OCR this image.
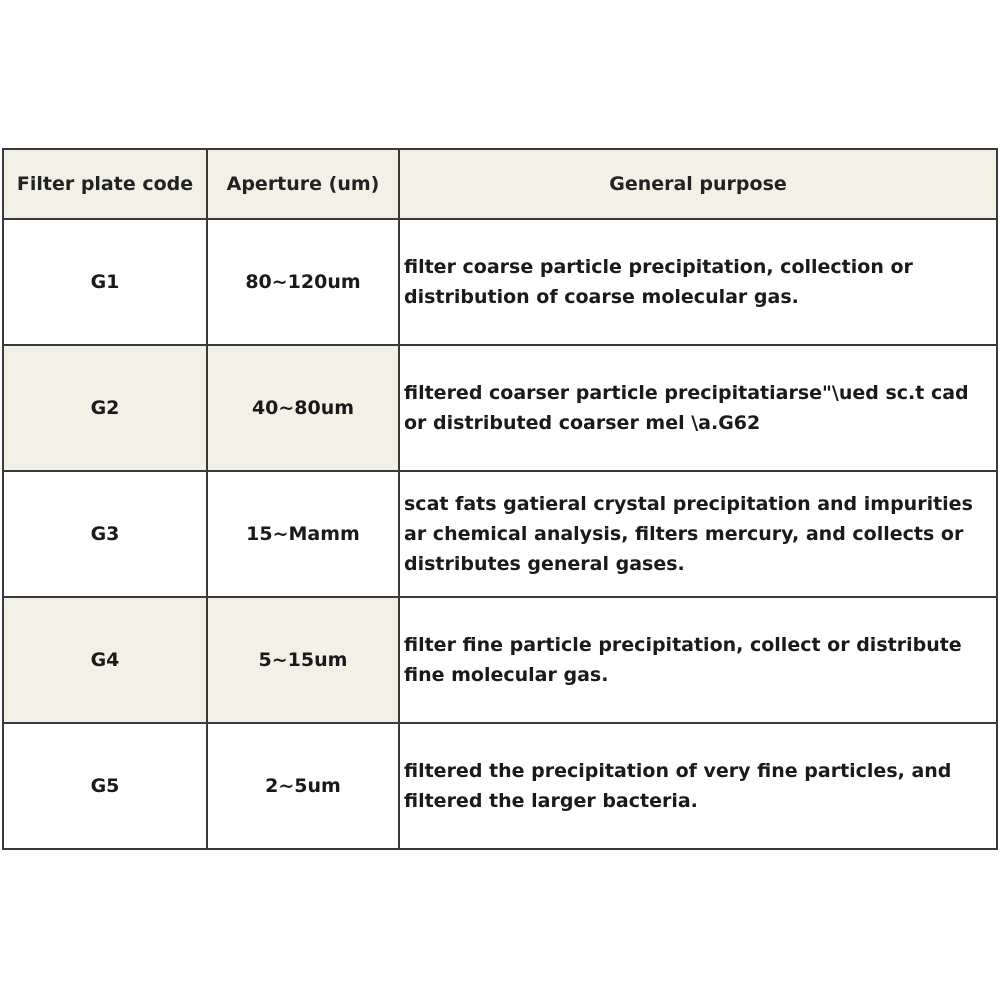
Filter plate code	Aperture (um)	General purpose
G1	80~120um	filter coarse particle precipitation, collection or distribution of coarse molecular gas.
G2	40~80um	filtered coarser particle precipitatiarse"\ued sc.t cad or distributed coarser mel \a.G62
G3	15~Mamm	scat fats gatieral crystal precipitation and impurities ar chemical analysis, filters mercury, and collects or distributes general gases.
G4	5~15um	filter fine particle precipitation, collect or distribute fine molecular gas.
G5	2~5um	filtered the precipitation of very fine particles, and filtered the larger bacteria.
